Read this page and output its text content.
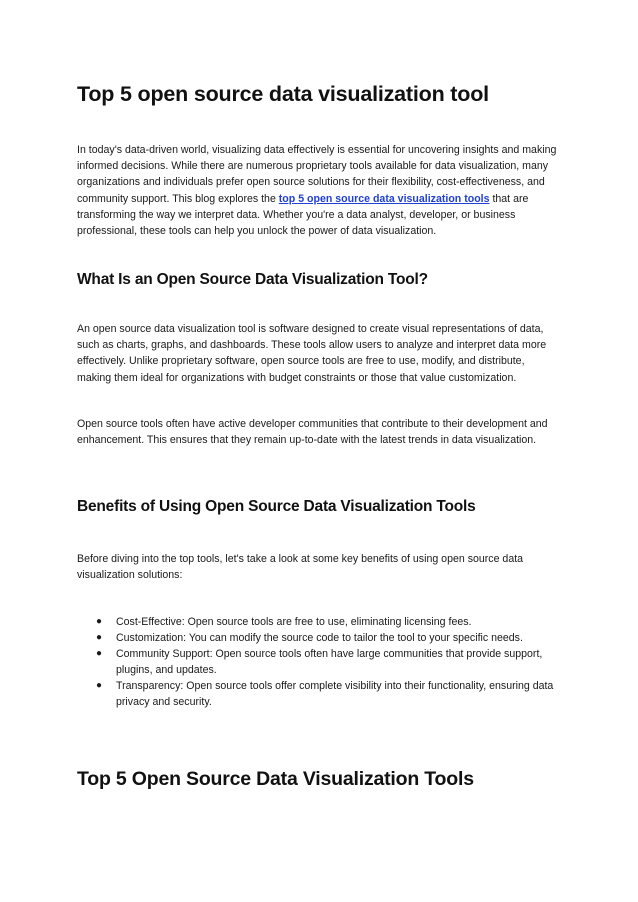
Top 5 open source data visualization tool

In today's data-driven world, visualizing data effectively is essential for uncovering insights and making informed decisions. While there are numerous proprietary tools available for data visualization, many organizations and individuals prefer open source solutions for their flexibility, cost-effectiveness, and community support. This blog explores the top 5 open source data visualization tools that are transforming the way we interpret data. Whether you're a data analyst, developer, or business professional, these tools can help you unlock the power of data visualization.

What Is an Open Source Data Visualization Tool?

An open source data visualization tool is software designed to create visual representations of data, such as charts, graphs, and dashboards. These tools allow users to analyze and interpret data more effectively. Unlike proprietary software, open source tools are free to use, modify, and distribute, making them ideal for organizations with budget constraints or those that value customization.

Open source tools often have active developer communities that contribute to their development and enhancement. This ensures that they remain up-to-date with the latest trends in data visualization.

Benefits of Using Open Source Data Visualization Tools

Before diving into the top tools, let's take a look at some key benefits of using open source data visualization solutions:

● Cost-Effective: Open source tools are free to use, eliminating licensing fees.
● Customization: You can modify the source code to tailor the tool to your specific needs.
● Community Support: Open source tools often have large communities that provide support, plugins, and updates.
● Transparency: Open source tools offer complete visibility into their functionality, ensuring data privacy and security.
Top 5 Open Source Data Visualization Tools
